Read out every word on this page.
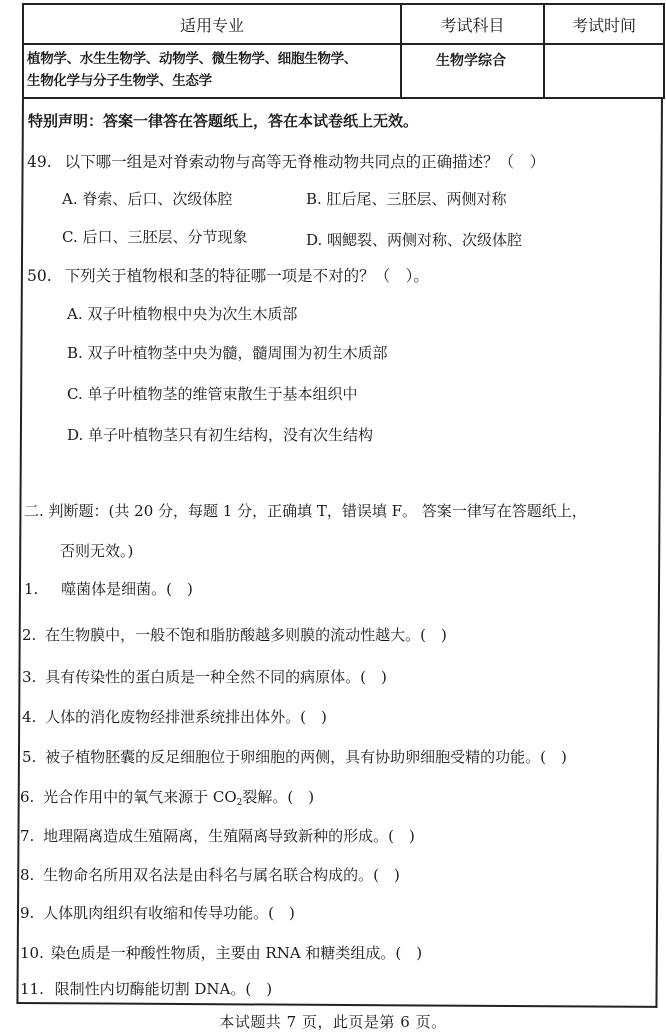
适用专业	考试科目	考试时间

植物学、水生生物学、动物学、微生物学、细胞生物学、
生物化学与分子生物学、生态学	生物学综合	

特别声明：答案一律答在答题纸上，答在本试卷纸上无效。
49. 以下哪一组是对脊索动物与高等无脊椎动物共同点的正确描述？（　）
A. 脊索、后口、次级体腔	B. 肛后尾、三胚层、两侧对称
C. 后口、三胚层、分节现象	D. 咽鳃裂、两侧对称、次级体腔
50. 下列关于植物根和茎的特征哪一项是不对的？（　）。
A. 双子叶植物根中央为次生木质部
B. 双子叶植物茎中央为髓，髓周围为初生木质部
C. 单子叶植物茎的维管束散生于基本组织中
D. 单子叶植物茎只有初生结构，没有次生结构
二. 判断题：(共 20 分，每题 1 分，正确填 T，错误填 F。 答案一律写在答题纸上，
否则无效。)
1. 噬菌体是细菌。(　)
2. 在生物膜中，一般不饱和脂肪酸越多则膜的流动性越大。(　)
3. 具有传染性的蛋白质是一种全然不同的病原体。(　)
4. 人体的消化废物经排泄系统排出体外。(　)
5. 被子植物胚囊的反足细胞位于卵细胞的两侧，具有协助卵细胞受精的功能。(　)
6. 光合作用中的氧气来源于 $CO_2$裂解。(　)
7. 地理隔离造成生殖隔离，生殖隔离导致新种的形成。(　)
8. 生物命名所用双名法是由科名与属名联合构成的。(　)
9. 人体肌肉组织有收缩和传导功能。(　)
10. 染色质是一种酸性物质，主要由 RNA 和糖类组成。(　)
11. 限制性内切酶能切割 DNA。(　)
本试题共 7 页，此页是第 6 页。
